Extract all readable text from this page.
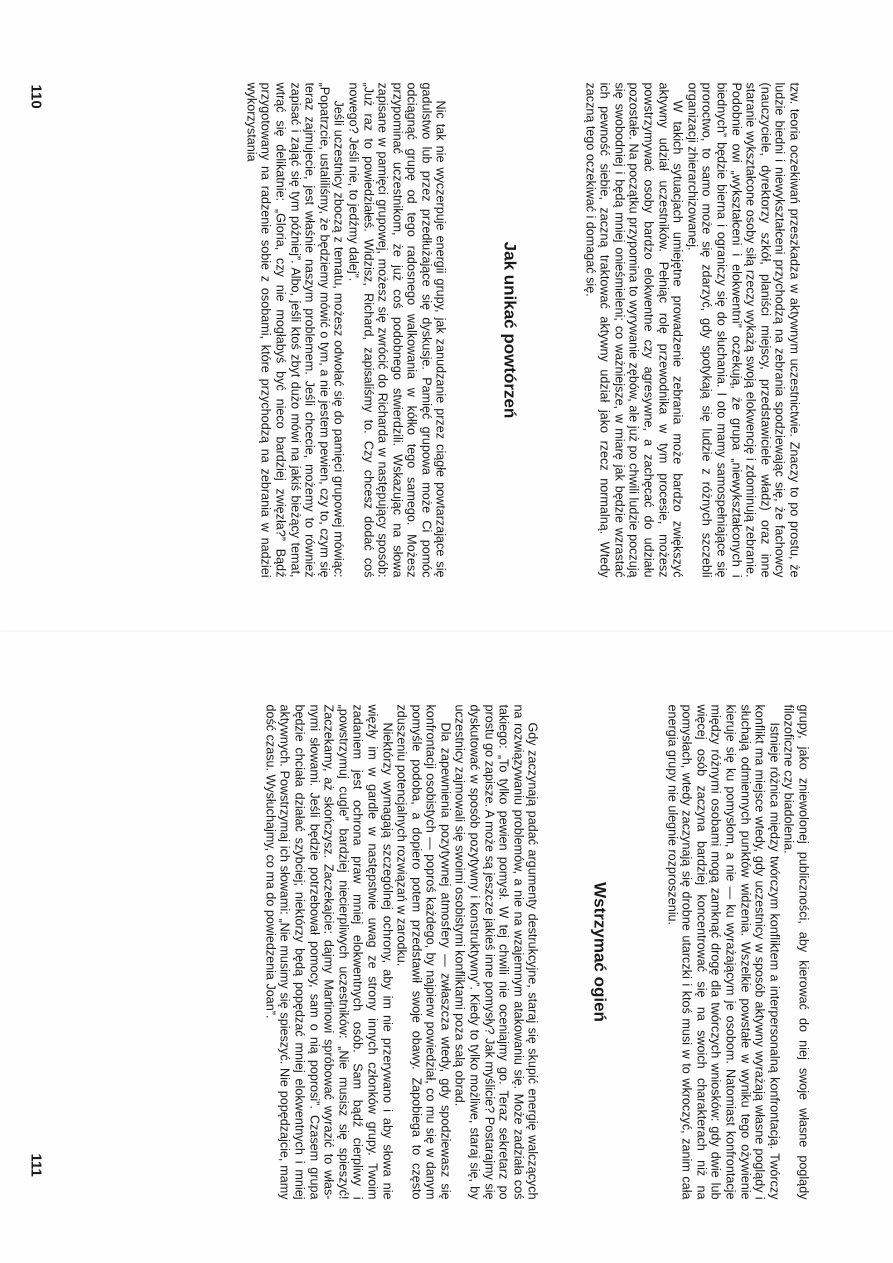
tzw. teoria oczekiwań przeszkadza w aktywnym uczestnictwie. Znaczy to po prostu, że ludzie biedni i niewykształceni przychodzą na zebrania spodziewając się, że fachowcy (nauczyciele, dyrektorzy szkół, planiści miejscy, przedstawiciele władz) oraz inne staranie wykształcone osoby siłą rzeczy wykażą swoją elokwencję i zdominują zebranie. Podobnie owi „wykształceni i elokwentni” oczekują, że grupa „niewykształconych i biednych” będzie bierna i ograniczy się do słuchania. I oto mamy samospełniające się proroctwo, to samo może się zdarzyć, gdy spotykają się ludzie z różnych szczebli organizacji zhierarchizowanej.

W takich sytuacjach umiejętne prowadzenie zebrania może bardzo zwiększyć aktywny udział uczestników. Pełniąc rolę przewodnika w tym procesie, możesz powstrzymywać osoby bardzo elokwentne czy agresywne, a zachęcać do udziału pozostałe. Na początku przypomina to wyrywanie zębów, ale już po chwili ludzie poczują się swobodniej i będą mniej onieśmieleni; co ważniejsze, w miarę jak będzie wzrastać ich pewność siebie, zaczną traktować aktywny udział jako rzecz normalną. Wtedy zaczną tego oczekiwać i domagać się.

Jak unikać powtórzeń

Nic tak nie wyczerpuje energii grupy, jak zanudzanie przez ciągłe powtarzające się gadulstwo lub przez przedłużające się dyskusje. Pamięć grupowa może Ci pomóc odciągnąć grupę od tego radosnego walkowania w kółko tego samego. Możesz przypominać uczestnikom, że już coś podobnego stwierdzili. Wskazując na słowa zapisane w pamięci grupowej, możesz się zwrócić do Richarda w następujący sposób: „Już raz to powiedziałeś. Widzisz, Richard, zapisaliśmy to. Czy chcesz dodać coś nowego? Jeśli nie, to jedźmy dalej”.

Jeśli uczestnicy zboczą z tematu, możesz odwołać się do pamięci grupowej mówiąc: „Popatrzcie, ustaliliśmy, że będziemy mówić o tym, a nie jestem pewien, czy to, czym się teraz zajmujecie, jest właśnie naszym problemem. Jeśli chcecie, możemy to również zapisać i zająć się tym później”. Albo, jeśli ktoś zbyt dużo mówi na jakiś bieżący temat, wtrąć się delikatnie: „Gloria, czy nie mogłabyś być nieco bardziej zwięzła?” Bądź przygotowany na radzenie sobie z osobami, które przychodzą na zebrania w nadziei wykorzystania

110

grupy, jako zniewolonej publiczności, aby kierować do niej swoje własne poglądy filozoficzne czy biadolenia.

Istnieje różnica między twórczym konfliktem a interpersonalną konfrontacją. Twórczy konflikt ma miejsce wtedy, gdy uczestnicy w sposób aktywny wyrażają własne poglądy i słuchają odmiennych punktów widzenia. Wszelkie powstałe w wyniku tego ożywienie kieruje się ku pomysłom, a nie — ku wyrażającym je osobom. Natomiast konfrontacje między różnymi osobami mogą zamknąć drogę dla twórczych wniosków: gdy dwie lub więcej osób zaczyna bardziej koncentrować się na swoich charakterach niż na pomysłach, wtedy zaczynają się drobne utarczki i ktoś musi w to wkroczyć, zanim cała energia grupy nie ulegnie rozproszeniu.

Wstrzymać ogień

Gdy zaczynają padać argumenty destrukcyjne, staraj się skupić energię walczących na rozwiązywaniu problemów, a nie na wzajemnym atakowaniu się. Może zadziała coś takiego: „To tylko pewien pomysł. W tej chwili nie oceniajmy go. Teraz sekretarz po prostu go zapisze. A może są jeszcze jakieś inne pomysły? Jak myślicie? Postarajmy się dyskutować w sposób pozytywny i konstruktywny”. Kiedy to tylko możliwe, staraj się, by uczestnicy zajmowali się swoimi osobistymi konfliktami poza salą obrad.

Dla zapewnienia pozytywnej atmosfery — zwłaszcza wtedy, gdy spodziewasz się konfrontacji osobistych — poproś każdego, by najpierw powiedział, co mu się w danym pomyśle podoba, a dopiero potem przedstawił swoje obawy. Zapobiega to często zduszeniu potencjalnych rozwiązań w zarodku.

Niektórzy wymagają szczególnej ochrony, aby im nie przerywano i aby słowa nie więzły im w gardle w następstwie uwag ze strony innych członków grupy. Twoim zadaniem jest ochrona praw mniej elokwentnych osób. Sam bądź cierpliwy i „powstrzymuj cugle” bardziej niecierpliwych uczestników: „Nie musisz się spieszyć! Zaczekamy, aż skończysz. Zaczekajcie: dajmy Martinowi spróbować wyrazić to własnymi słowami. Jeśli będzie potrzebował pomocy, sam o nią poprosi”. Czasem grupa będzie chciała działać szybciej; niektórzy będą popędzać mniej elokwentnych i mniej aktywnych. Powstrzymaj ich słowami: „Nie musimy się spieszyć. Nie popędzajcie, mamy dość czasu. Wysłuchajmy, co ma do powiedzenia Joan”.

111
